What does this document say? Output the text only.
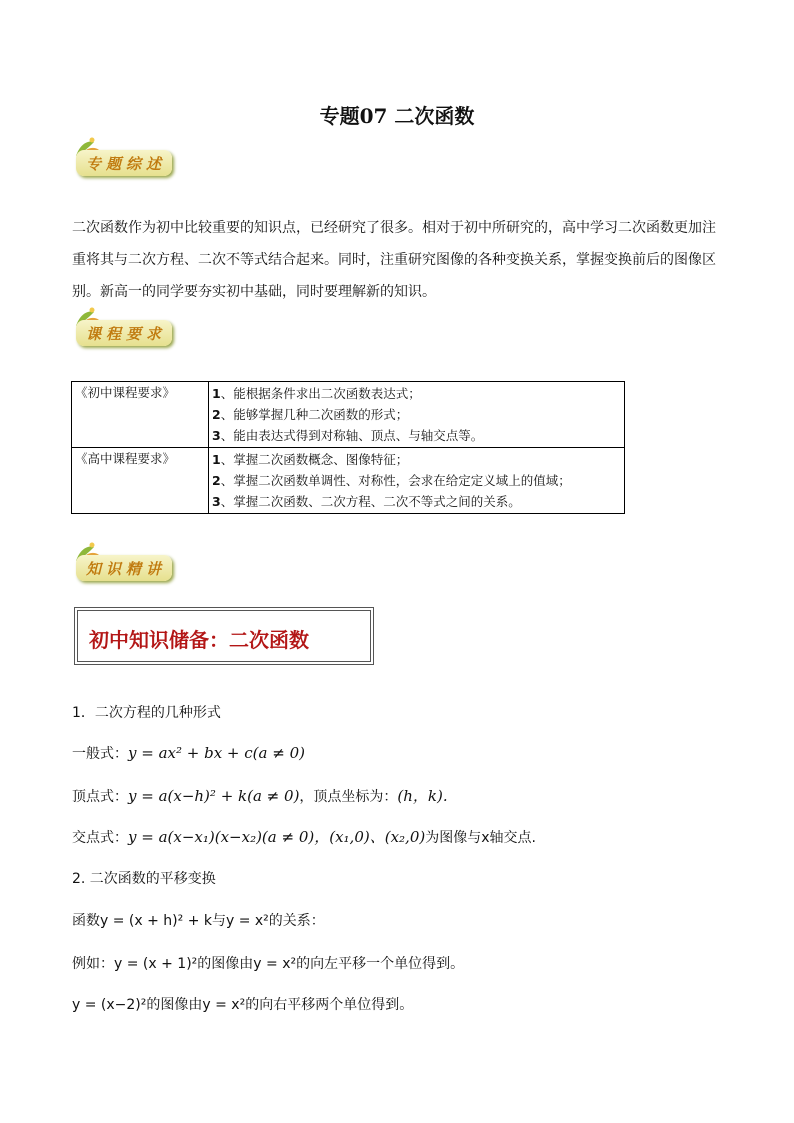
专题07 二次函数
专题综述
二次函数作为初中比较重要的知识点，已经研究了很多。相对于初中所研究的，高中学习二次函数更加注
重将其与二次方程、二次不等式结合起来。同时，注重研究图像的各种变换关系，掌握变换前后的图像区
别。新高一的同学要夯实初中基础，同时要理解新的知识。
课程要求
《初中课程要求》	1、能根据条件求出二次函数表达式；
2、能够掌握几种二次函数的形式；
3、能由表达式得到对称轴、顶点、与轴交点等。

《高中课程要求》	1、掌握二次函数概念、图像特征；
2、掌握二次函数单调性、对称性，会求在给定定义域上的值域；
3、掌握二次函数、二次方程、二次不等式之间的关系。
知识精讲
初中知识储备：二次函数
1．二次方程的几种形式
一般式：y = ax² + bx + c(a ≠ 0)
顶点式：y = a(x−h)² + k(a ≠ 0)，顶点坐标为：(h，k).
交点式：y = a(x−x₁)(x−x₂)(a ≠ 0)，(x₁,0)、(x₂,0)为图像与x轴交点.
2. 二次函数的平移变换
函数y = (x + h)² + k与y = x²的关系：
例如：y = (x + 1)²的图像由y = x²的向左平移一个单位得到。
y = (x−2)²的图像由y = x²的向右平移两个单位得到。
